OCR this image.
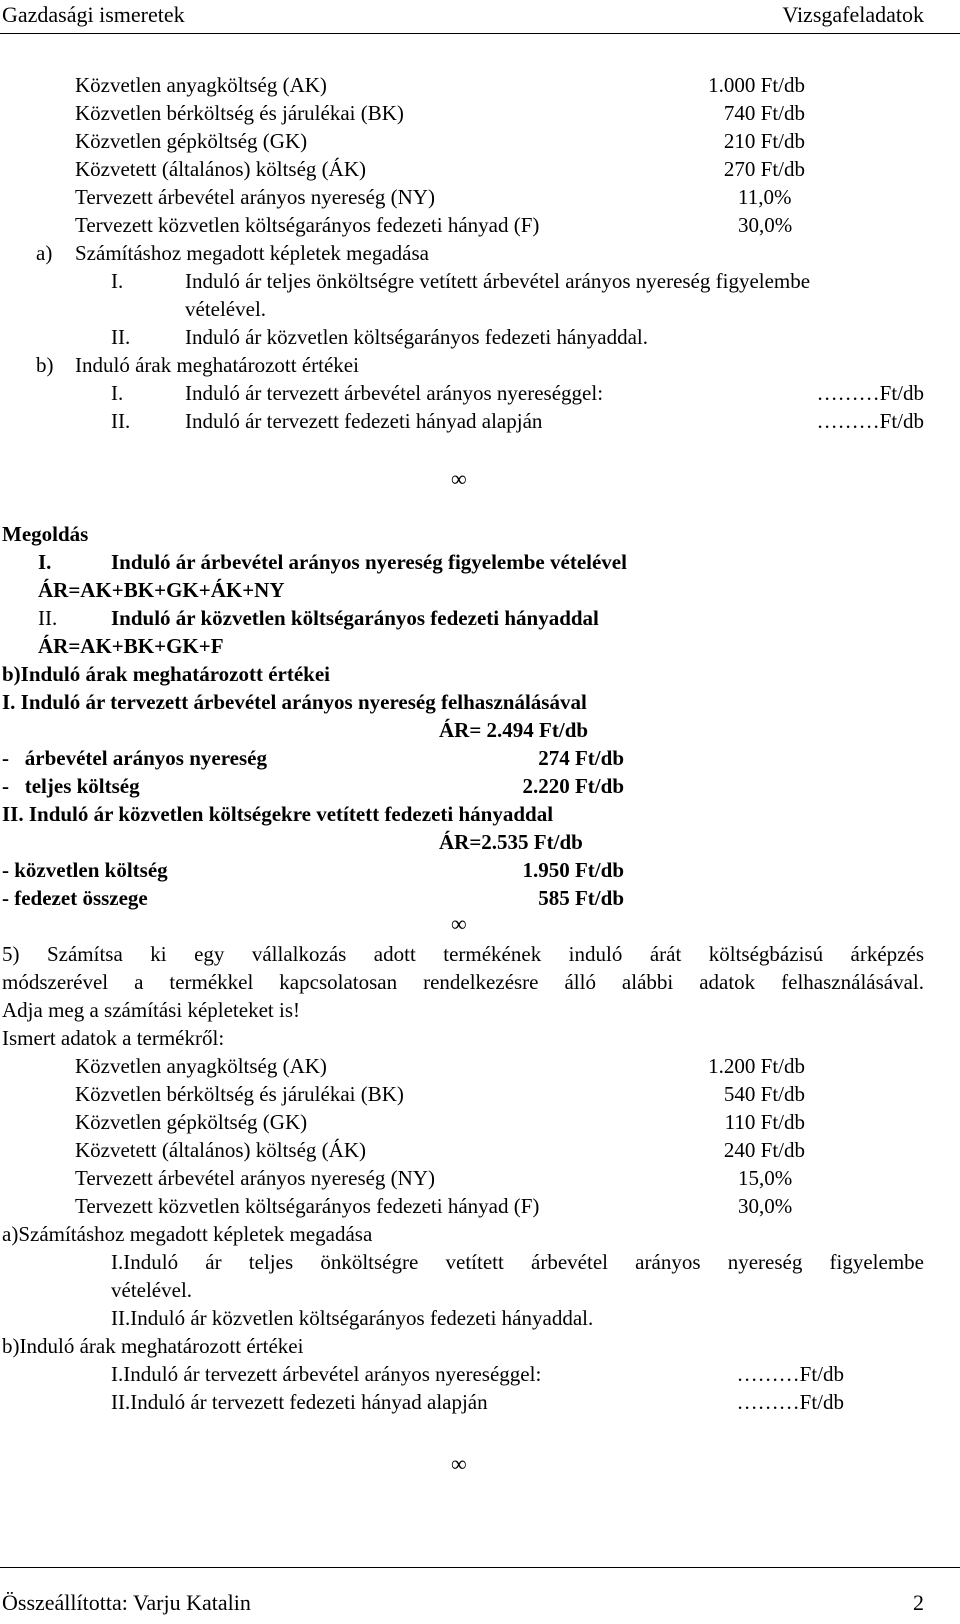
Gazdasági ismeretek	Vizsgafeladatok
Közvetlen anyagköltség (AK)	1.000 Ft/db
Közvetlen bérköltség és járulékai (BK)	740 Ft/db
Közvetlen gépköltség (GK)	210 Ft/db
Közvetett (általános) költség (ÁK)	270 Ft/db
Tervezett árbevétel arányos nyereség (NY)	11,0%
Tervezett közvetlen költségarányos fedezeti hányad (F)	30,0%
a) Számításhoz megadott képletek megadása
I.	Induló ár teljes önköltségre vetített árbevétel arányos nyereség figyelembe
vételével.
II.	Induló ár közvetlen költségarányos fedezeti hányaddal.
b) Induló árak meghatározott értékei
I.	Induló ár tervezett árbevétel arányos nyereséggel:	………Ft/db
II.	Induló ár tervezett fedezeti hányad alapján	………Ft/db
∞
Megoldás
I.	Induló ár árbevétel arányos nyereség figyelembe vételével
ÁR=AK+BK+GK+ÁK+NY
II.	Induló ár közvetlen költségarányos fedezeti hányaddal
ÁR=AK+BK+GK+F
b)Induló árak meghatározott értékei
I. Induló ár tervezett árbevétel arányos nyereség felhasználásával
ÁR= 2.494 Ft/db
-   árbevétel arányos nyereség	274 Ft/db
-   teljes költség	2.220 Ft/db
II. Induló ár közvetlen költségekre vetített fedezeti hányaddal
ÁR=2.535 Ft/db
- közvetlen költség	1.950 Ft/db
- fedezet összege	585 Ft/db
∞
5) Számítsa ki egy vállalkozás adott termékének induló árát költségbázisú árképzés
módszerével a termékkel kapcsolatosan rendelkezésre álló alábbi adatok felhasználásával.
Adja meg a számítási képleteket is!
Ismert adatok a termékről:
Közvetlen anyagköltség (AK)	1.200 Ft/db
Közvetlen bérköltség és járulékai (BK)	540 Ft/db
Közvetlen gépköltség (GK)	110 Ft/db
Közvetett (általános) költség (ÁK)	240 Ft/db
Tervezett árbevétel arányos nyereség (NY)	15,0%
Tervezett közvetlen költségarányos fedezeti hányad (F)	30,0%
a)Számításhoz megadott képletek megadása
I.Induló ár teljes önköltségre vetített árbevétel arányos nyereség figyelembe
vételével.
II.Induló ár közvetlen költségarányos fedezeti hányaddal.
b)Induló árak meghatározott értékei
I.Induló ár tervezett árbevétel arányos nyereséggel:	………Ft/db
II.Induló ár tervezett fedezeti hányad alapján	………Ft/db
∞
Összeállította: Varju Katalin	2
